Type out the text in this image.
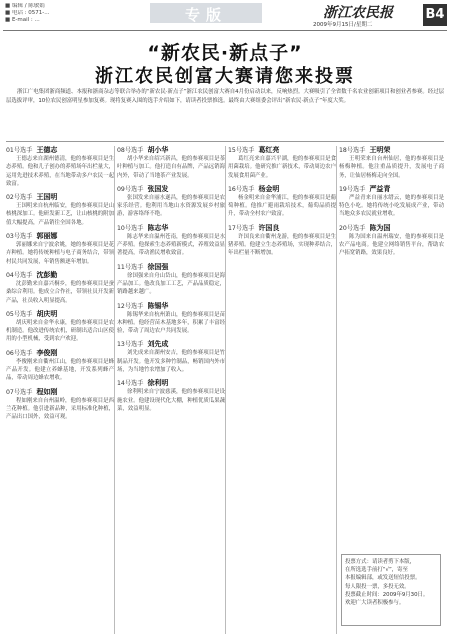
■ 编辑 / 陈敏娟
■ 电话 : 0571-...
■ E-mail : ...	专版	浙江农民报
2009年9月15日/星期二
B4
“新农民·新点子”
浙江农民创富大赛请您来投票
浙江广电集团浙商频道、本报和浙商杂志等联合举办的“新农民·新点子”浙江农民创富大赛自4月份启动以来，反响热烈。大赛吸引了全省数千名农业创新项目和创业者参赛。经过层层选拔评审，10位农民创富明星参加复赛。现将复赛入围的选手介绍如下，请读者投票推选。最终由大赛组委会评出“新农民·新点子”年度大奖。
01号选手 王德志
王德志来自湖州德清，他的参赛项目是生态养殖。他和儿子创办的养殖场年出栏量大，运用先进技术养殖，在当地带动多户农民一起致富。
02号选手 王国明
王国明来自杭州临安，他的参赛项目是山核桃深加工。他研发新工艺，让山核桃的附加值大幅提高，产品销往全国各地。
03号选手 郭丽娜
郭丽娜来自宁波余姚，她的参赛项目是花卉种植。她将传统种植与电子商务结合，带领村民共同发展，年销售额逐年增加。
04号选手 沈彭勤
沈彭勤来自嘉兴桐乡，他的参赛项目是蚕桑综合利用。他成立合作社，带领社员开发新产品，社员收入明显提高。
05号选手 胡庆明
胡庆明来自金华永康，他的参赛项目是农机制造。他改进传统农机，研制出适合山区使用的小型机械，受到农户欢迎。
06号选手 李俊刚
李俊刚来自衢州江山，他的参赛项目是蜂产品开发。他建立养蜂基地，开发系列蜂产品，带动周边蜂农增收。
07号选手 程如刚
程如刚来自台州温岭，他的参赛项目是西兰花种植。他引进新品种，采用标准化种植，产品出口国外，效益可观。
08号选手 胡小华
胡小华来自绍兴新昌，他的参赛项目是茶叶种植与加工。他打造自有品牌，产品远销海内外，带动了当地茶产业发展。
09号选手 张国发
张国发来自丽水遂昌，他的参赛项目是农家乐经营。他利用当地山水资源发展乡村旅游，游客络绎不绝。
10号选手 陈志华
陈志华来自温州苍南，他的参赛项目是水产养殖。他探索生态养殖新模式，养殖效益显著提高，带动渔民增收致富。
11号选手 徐国强
徐国强来自舟山岱山，他的参赛项目是海产品加工。他改良加工工艺，产品品质稳定，销路越来越广。
12号选手 陈锡华
陈锡华来自杭州萧山，他的参赛项目是苗木种植。他经营苗木基地多年，积累了丰富经验，带动了周边农户共同发展。
13号选手 刘先成
刘先成来自湖州安吉，他的参赛项目是竹制品开发。他开发多种竹制品，畅销国内外市场，为当地竹农增加了收入。
14号选手 徐利明
徐利明来自宁波慈溪，他的参赛项目是设施农业。他建设现代化大棚，种植优质瓜果蔬菜，效益明显。
15号选手 葛红亮
葛红亮来自嘉兴平湖，他的参赛项目是食用菌栽培。他研究推广新技术，带动周边农户发展食用菌产业。
16号选手 杨金明
杨金明来自金华浦江，他的参赛项目是葡萄种植。他推广避雨栽培技术，葡萄品质提升，带动全村农户致富。
17号选手 许国良
许国良来自衢州龙游，他的参赛项目是生猪养殖。他建立生态养殖场，实现种养结合，年出栏量不断增加。
18号选手 王明荣
王明荣来自台州仙居，他的参赛项目是杨梅种植。他注重品质提升，发展电子商务，让仙居杨梅走向全国。
19号选手 严益青
严益青来自丽水缙云，她的参赛项目是特色小吃。她将传统小吃发展成产业，带动当地众多农民就业增收。
20号选手 陈为国
陈为国来自温州瑞安，他的参赛项目是农产品电商。他建立网络销售平台，帮助农户拓宽销路，效果良好。
投票方式：请读者剪下本版，
在所选选手前打“√”，寄至
本报编辑部，或发送短信投票。
每人限投一票，多投无效。
投票截止时间：2009年9月30日。
欢迎广大读者积极参与。
